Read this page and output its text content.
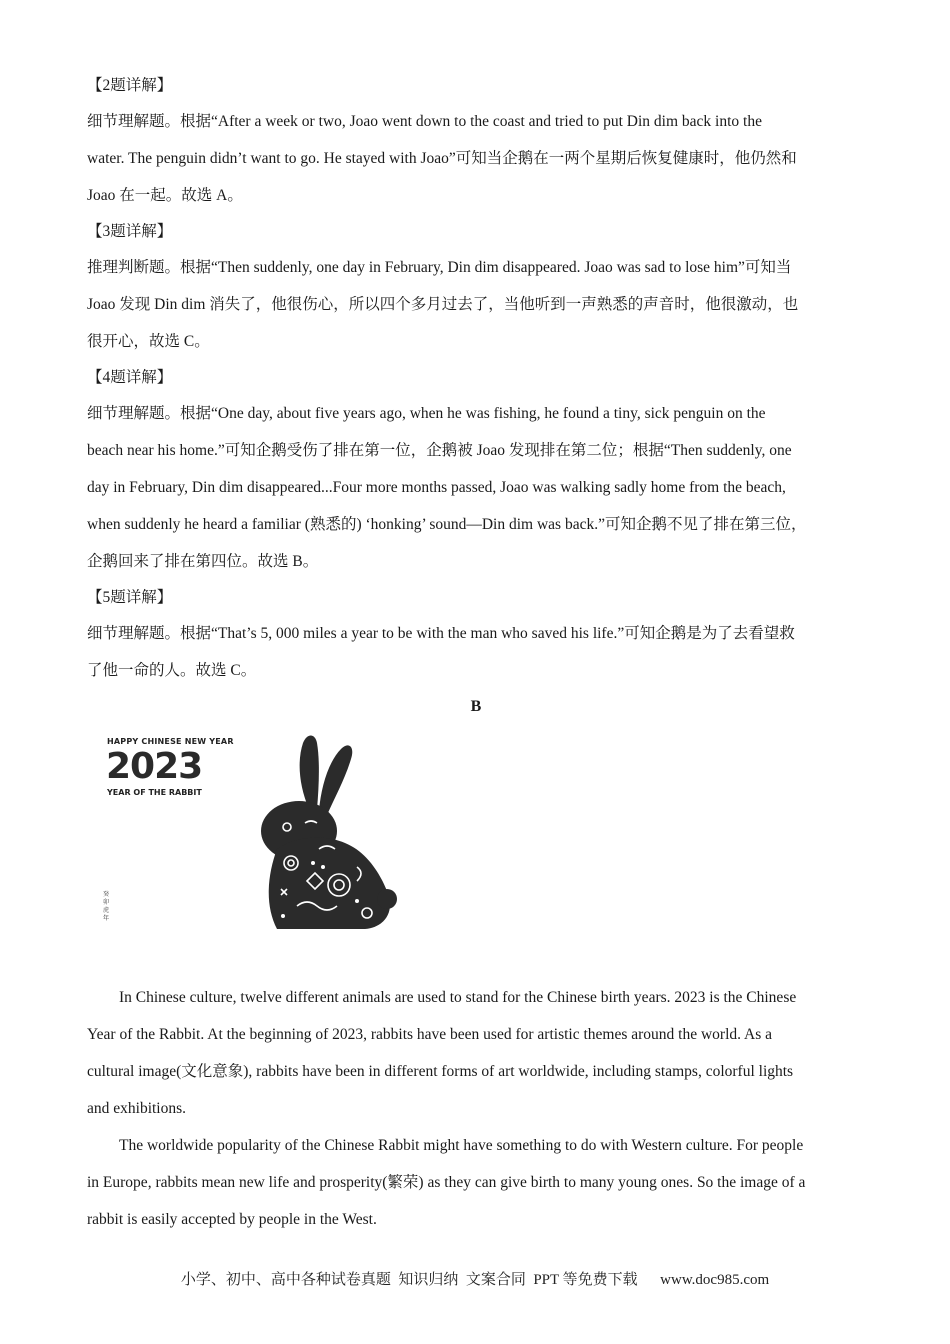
【2题详解】
细节理解题。根据“After a week or two, Joao went down to the coast and tried to put Din dim back into the
water. The penguin didn’t want to go. He stayed with Joao”可知当企鹅在一两个星期后恢复健康时，他仍然和
Joao 在一起。故选 A。
【3题详解】
推理判断题。根据“Then suddenly, one day in February, Din dim disappeared. Joao was sad to lose him”可知当
Joao 发现 Din dim 消失了，他很伤心，所以四个多月过去了，当他听到一声熟悉的声音时，他很激动，也
很开心，故选 C。
【4题详解】
细节理解题。根据“One day, about five years ago, when he was fishing, he found a tiny, sick penguin on the
beach near his home.”可知企鹅受伤了排在第一位，企鹅被 Joao 发现排在第二位；根据“Then suddenly, one
day in February, Din dim disappeared...Four more months passed, Joao was walking sadly home from the beach,
when suddenly he heard a familiar (熟悉的) ‘honking’ sound—Din dim was back.”可知企鹅不见了排在第三位，
企鹅回来了排在第四位。故选 B。
【5题详解】
细节理解题。根据“That’s 5, 000 miles a year to be with the man who saved his life.”可知企鹅是为了去看望救
了他一命的人。故选 C。
B
HAPPY CHINESE NEW YEAR
2023
YEAR OF THE RABBIT
癸卯虎年
In Chinese culture, twelve different animals are used to stand for the Chinese birth years. 2023 is the Chinese
Year of the Rabbit. At the beginning of 2023, rabbits have been used for artistic themes around the world. As a
cultural image(文化意象), rabbits have been in different forms of art worldwide, including stamps, colorful lights
and exhibitions.
The worldwide popularity of the Chinese Rabbit might have something to do with Western culture. For people
in Europe, rabbits mean new life and prosperity(繁荣) as they can give birth to many young ones. So the image of a
rabbit is easily accepted by people in the West.
小学、初中、高中各种试卷真题  知识归纳  文案合同  PPT 等免费下载      www.doc985.com
